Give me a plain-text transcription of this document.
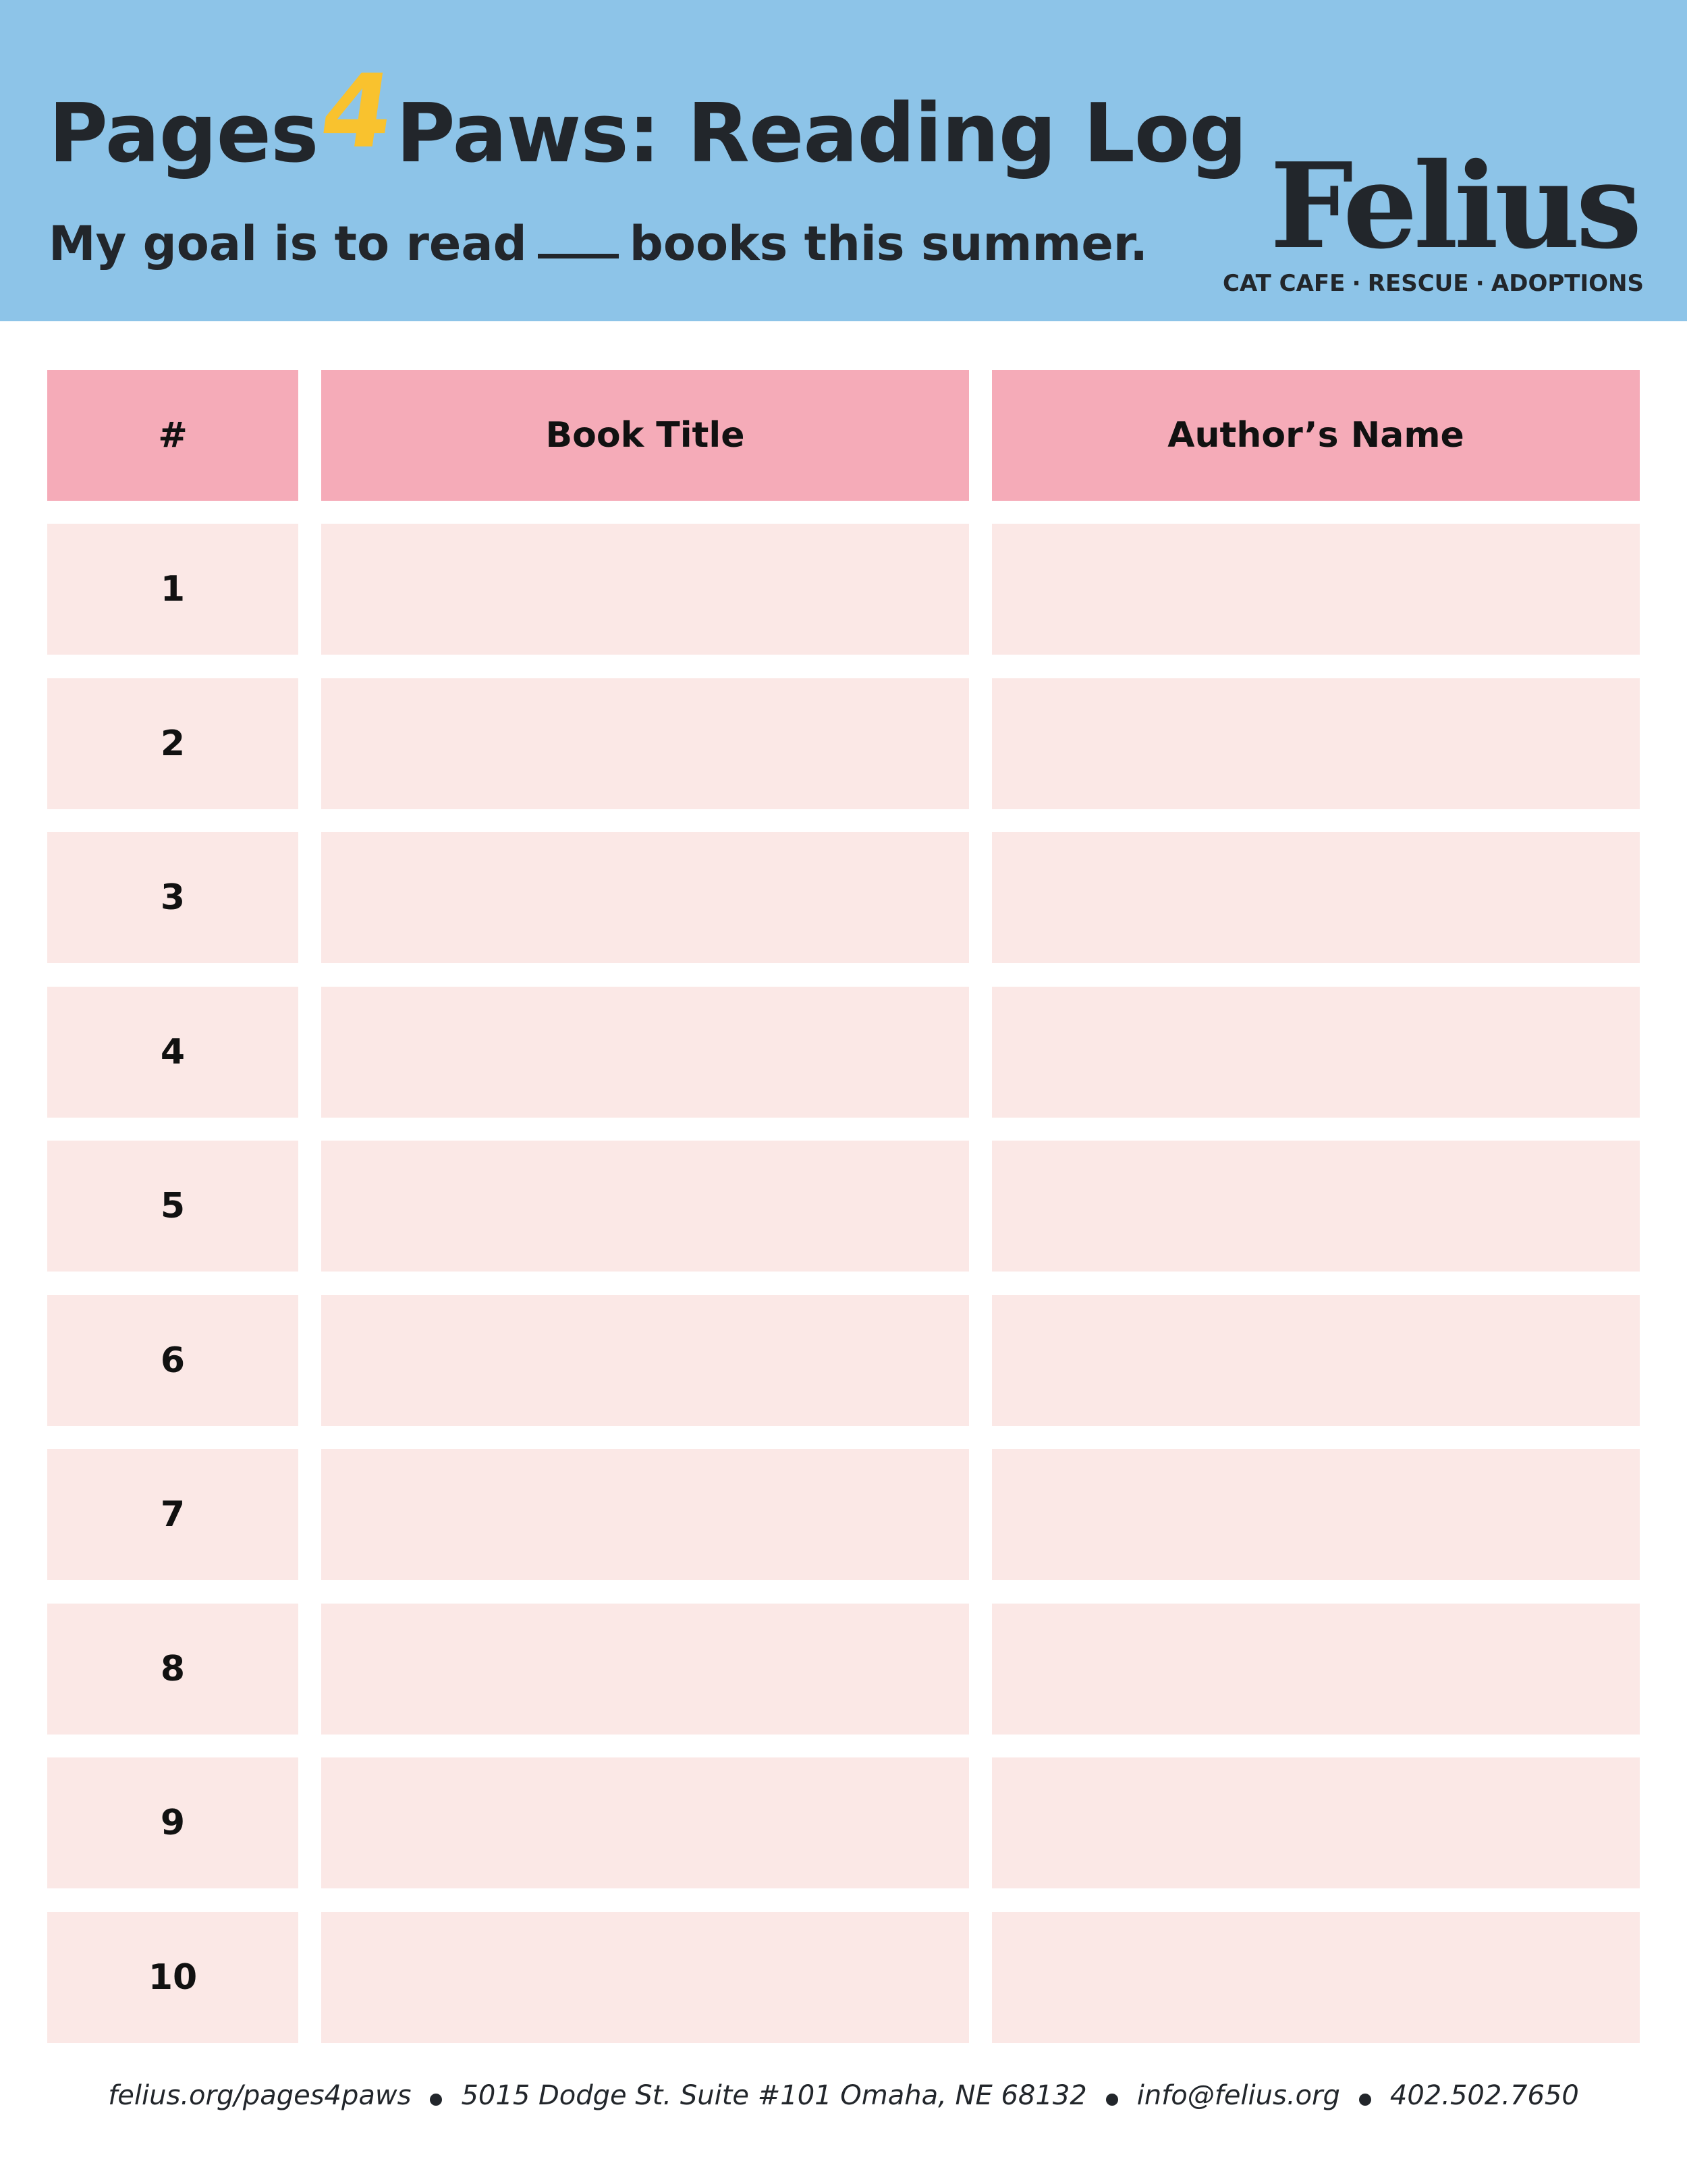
Pages4Paws: Reading Log
My goal is to read books this summer. Felius
CAT CAFE · RESCUE · ADOPTIONS
#	Book Title	Author’s Name
1
2
3
4
5
6
7
8
9
10
felius.org/pages4paws 5015 Dodge St. Suite #101 Omaha, NE 68132 info@felius.org 402.502.7650
